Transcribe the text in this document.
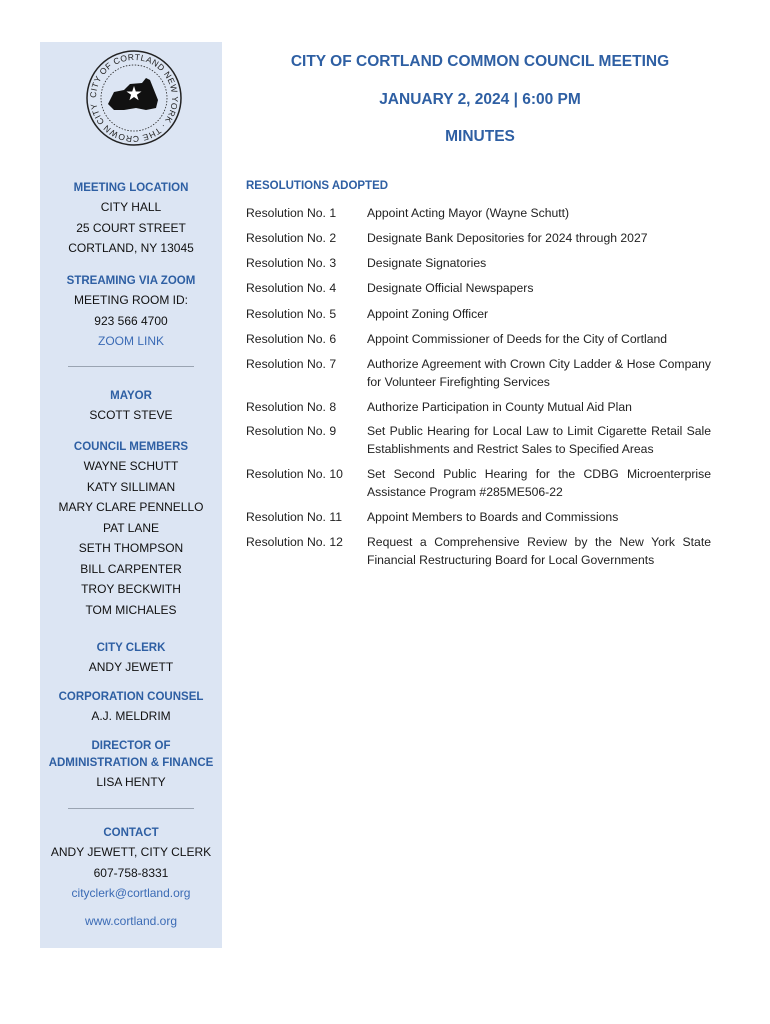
CITY OF CORTLAND NEW YORK · THE CROWN CITY
MEETING LOCATION
CITY HALL
25 COURT STREET
CORTLAND, NY 13045
STREAMING VIA ZOOM
MEETING ROOM ID:
923 566 4700
ZOOM LINK
MAYOR
SCOTT STEVE
COUNCIL MEMBERS
WAYNE SCHUTT
KATY SILLIMAN
MARY CLARE PENNELLO
PAT LANE
SETH THOMPSON
BILL CARPENTER
TROY BECKWITH
TOM MICHALES
CITY CLERK
ANDY JEWETT
CORPORATION COUNSEL
A.J. MELDRIM
DIRECTOR OF
ADMINISTRATION & FINANCE
LISA HENTY
CONTACT
ANDY JEWETT, CITY CLERK
607-758-8331
cityclerk@cortland.org
www.cortland.org
CITY OF CORTLAND COMMON COUNCIL MEETING
JANUARY 2, 2024 | 6:00 PM
MINUTES
RESOLUTIONS ADOPTED
Resolution No. 1	Appoint Acting Mayor (Wayne Schutt)
Resolution No. 2	Designate Bank Depositories for 2024 through 2027
Resolution No. 3	Designate Signatories
Resolution No. 4	Designate Official Newspapers
Resolution No. 5	Appoint Zoning Officer
Resolution No. 6	Appoint Commissioner of Deeds for the City of Cortland
Resolution No. 7	Authorize Agreement with Crown City Ladder & Hose Company for Volunteer Firefighting Services
Resolution No. 8	Authorize Participation in County Mutual Aid Plan
Resolution No. 9	Set Public Hearing for Local Law to Limit Cigarette Retail Sale Establishments and Restrict Sales to Specified Areas
Resolution No. 10	Set Second Public Hearing for the CDBG Microenterprise Assistance Program #285ME506-22
Resolution No. 11	Appoint Members to Boards and Commissions
Resolution No. 12	Request a Comprehensive Review by the New York State Financial Restructuring Board for Local Governments
